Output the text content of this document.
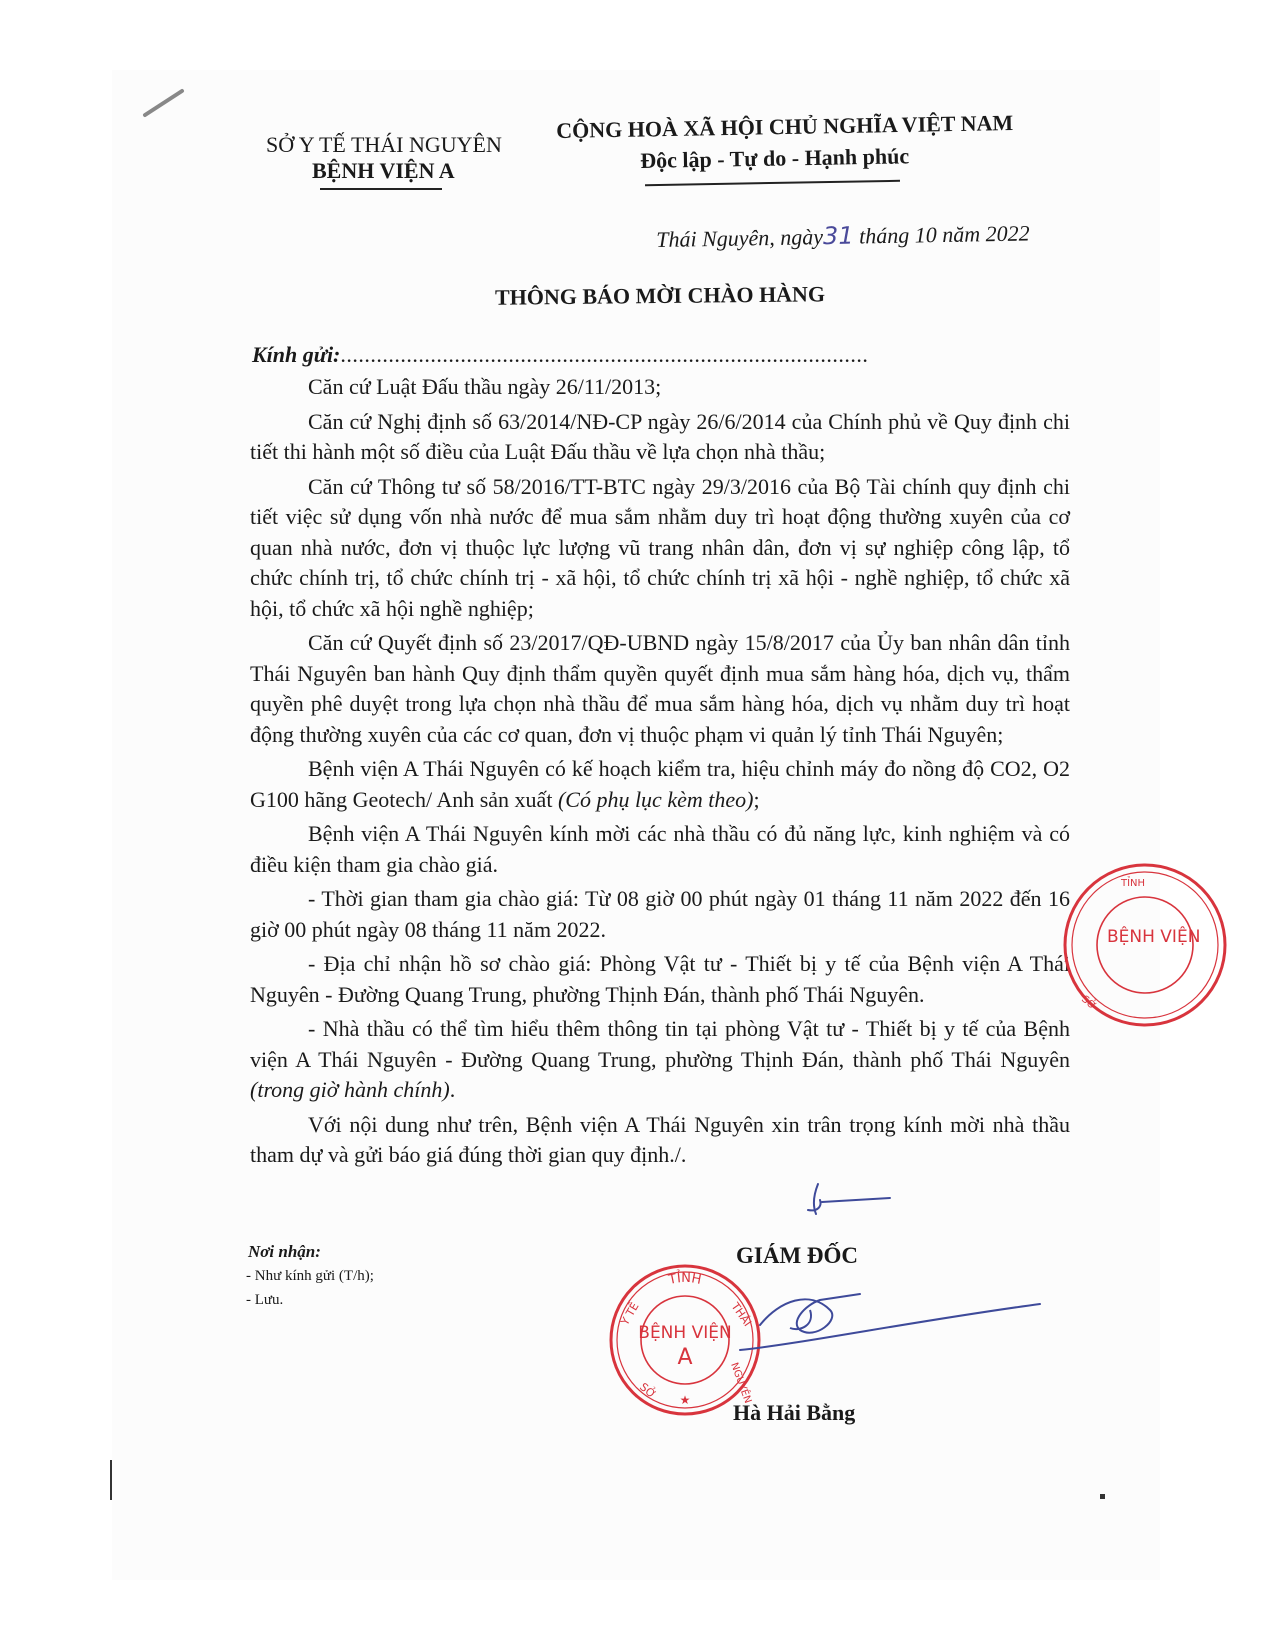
SỞ Y TẾ THÁI NGUYÊN
BỆNH VIỆN A
CỘNG HOÀ XÃ HỘI CHỦ NGHĨA VIỆT NAM
Độc lập - Tự do - Hạnh phúc
Thái Nguyên, ngày31 tháng 10 năm 2022
THÔNG BÁO MỜI CHÀO HÀNG
Kính gửi:........................................................................................

Căn cứ Luật Đấu thầu ngày 26/11/2013;

Căn cứ Nghị định số 63/2014/NĐ-CP ngày 26/6/2014 của Chính phủ về Quy định chi tiết thi hành một số điều của Luật Đấu thầu về lựa chọn nhà thầu;

Căn cứ Thông tư số 58/2016/TT-BTC ngày 29/3/2016 của Bộ Tài chính quy định chi tiết việc sử dụng vốn nhà nước để mua sắm nhằm duy trì hoạt động thường xuyên của cơ quan nhà nước, đơn vị thuộc lực lượng vũ trang nhân dân, đơn vị sự nghiệp công lập, tổ chức chính trị, tổ chức chính trị - xã hội, tổ chức chính trị xã hội - nghề nghiệp, tổ chức xã hội, tổ chức xã hội nghề nghiệp;

Căn cứ Quyết định số 23/2017/QĐ-UBND ngày 15/8/2017 của Ủy ban nhân dân tỉnh Thái Nguyên ban hành Quy định thẩm quyền quyết định mua sắm hàng hóa, dịch vụ, thẩm quyền phê duyệt trong lựa chọn nhà thầu để mua sắm hàng hóa, dịch vụ nhằm duy trì hoạt động thường xuyên của các cơ quan, đơn vị thuộc phạm vi quản lý tỉnh Thái Nguyên;

Bệnh viện A Thái Nguyên có kế hoạch kiểm tra, hiệu chỉnh máy đo nồng độ CO2, O2 G100 hãng Geotech/ Anh sản xuất (Có phụ lục kèm theo);

Bệnh viện A Thái Nguyên kính mời các nhà thầu có đủ năng lực, kinh nghiệm và có điều kiện tham gia chào giá.

- Thời gian tham gia chào giá: Từ 08 giờ 00 phút ngày 01 tháng 11 năm 2022 đến 16 giờ 00 phút ngày 08 tháng 11 năm 2022.

- Địa chỉ nhận hồ sơ chào giá: Phòng Vật tư - Thiết bị y tế của Bệnh viện A Thái Nguyên - Đường Quang Trung, phường Thịnh Đán, thành phố Thái Nguyên.

- Nhà thầu có thể tìm hiểu thêm thông tin tại phòng Vật tư - Thiết bị y tế của Bệnh viện A Thái Nguyên - Đường Quang Trung, phường Thịnh Đán, thành phố Thái Nguyên (trong giờ hành chính).

Với nội dung như trên, Bệnh viện A Thái Nguyên xin trân trọng kính mời nhà thầu tham dự và gửi báo giá đúng thời gian quy định./.

Nơi nhận:
- Như kính gửi (T/h);
- Lưu.
GIÁM ĐỐC
TỈNH
Y TẾ	THÁI
NGUYÊN
SỞ
BỆNH VIỆN
A
★ Hà Hải Bằng
BỆNH VIỆN
TỈNH
SỞ
